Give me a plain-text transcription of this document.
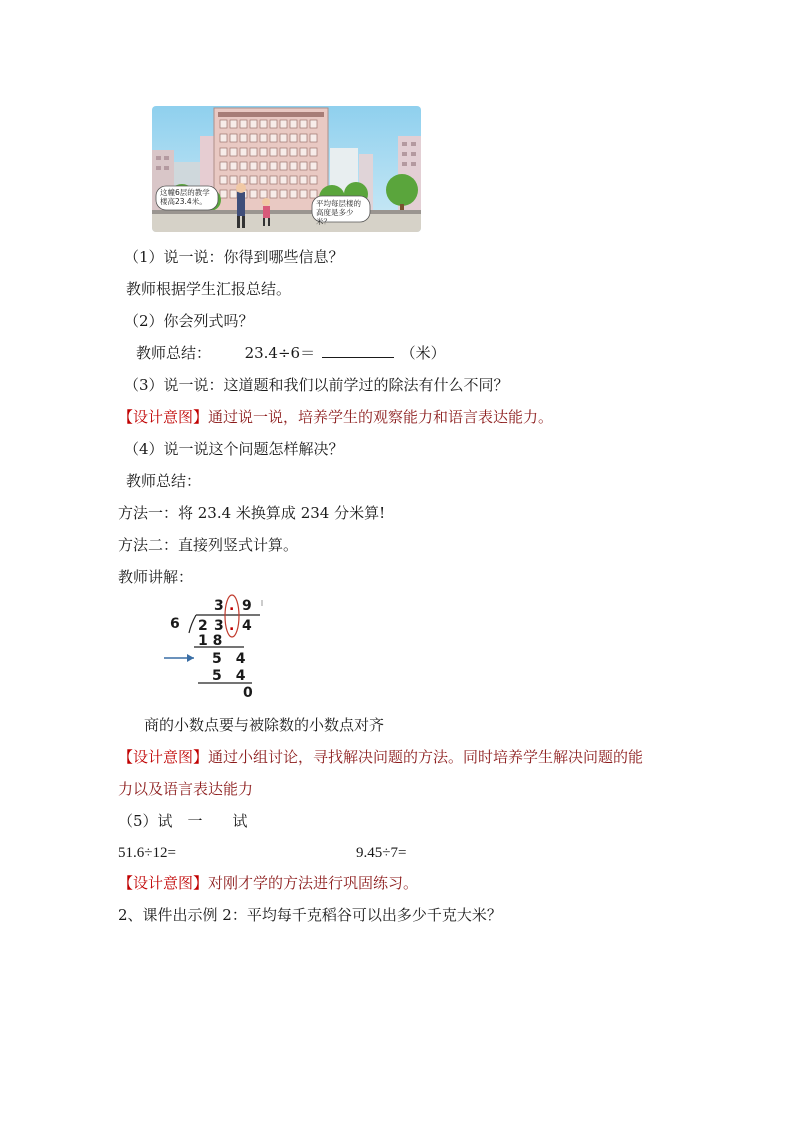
这幢6层的教学楼高23.4米。	平均每层楼的高度是多少米？
（1）说一说：你得到哪些信息？
教师根据学生汇报总结。
（2）你会列式吗？
教师总结： 23.4÷6＝	（米）
（3）说一说：这道题和我们以前学过的除法有什么不同？
【设计意图】通过说一说，培养学生的观察能力和语言表达能力。
（4）说一说这个问题怎样解决？
教师总结：
方法一：将 23.4 米换算成 234 分米算!
方法二：直接列竖式计算。
教师讲解：
6
3 . 9
2 3 . 4
1 8
5　4
5　4
0
商的小数点要与被除数的小数点对齐
【设计意图】通过小组讨论，寻找解决问题的方法。同时培养学生解决问题的能
力以及语言表达能力
（5）试　一　　试
51.6÷12=	9.45÷7=
【设计意图】对刚才学的方法进行巩固练习。
2、课件出示例 2：平均每千克稻谷可以出多少千克大米？
